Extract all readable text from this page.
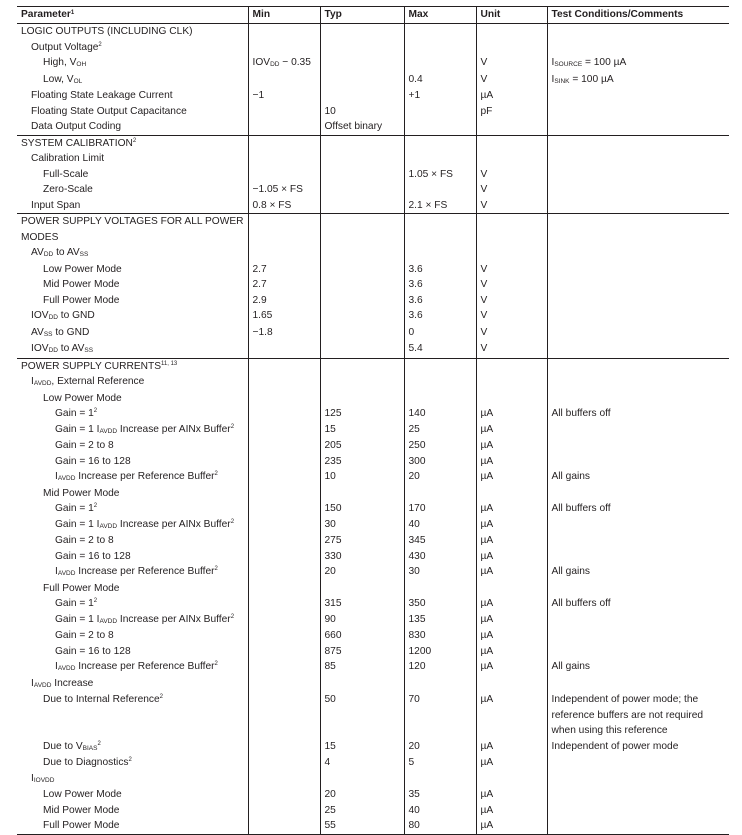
Parameter$^1$	Min	Typ	Max	Unit	Test Conditions/Comments
LOGIC OUTPUTS (INCLUDING CLK)					
Output Voltage$^2$					
High, $V_{OH}$	$IOV_{DD} - 0.35$			V	$I_{SOURCE} = 100$ µA
Low, $V_{OL}$			0.4	V	$I_{SINK} = 100$ µA
Floating State Leakage Current	−1		+1	µA	
Floating State Output Capacitance		10		pF	
Data Output Coding		Offset binary			
SYSTEM CALIBRATION$^2$					
Calibration Limit					
Full-Scale			1.05 × FS	V	
Zero-Scale	−1.05 × FS			V	
Input Span	0.8 × FS		2.1 × FS	V	
POWER SUPPLY VOLTAGES FOR ALL POWER MODES					
$AV_{DD}$ to $AV_{SS}$					
Low Power Mode	2.7		3.6	V	
Mid Power Mode	2.7		3.6	V	
Full Power Mode	2.9		3.6	V	
$IOV_{DD}$ to GND	1.65		3.6	V	
$AV_{SS}$ to GND	−1.8		0	V	
$IOV_{DD}$ to $AV_{SS}$			5.4	V	
POWER SUPPLY CURRENTS$^{11, 13}$					
$I_{AVDD}$, External Reference					
Low Power Mode					
Gain = $1^2$		125	140	µA	All buffers off
Gain = 1 $I_{AVDD}$ Increase per AINx Buffer$^2$		15	25	µA	
Gain = 2 to 8		205	250	µA	
Gain = 16 to 128		235	300	µA	
$I_{AVDD}$ Increase per Reference Buffer$^2$		10	20	µA	All gains
Mid Power Mode					
Gain = $1^2$		150	170	µA	All buffers off
Gain = 1 $I_{AVDD}$ Increase per AINx Buffer$^2$		30	40	µA	
Gain = 2 to 8		275	345	µA	
Gain = 16 to 128		330	430	µA	
$I_{AVDD}$ Increase per Reference Buffer$^2$		20	30	µA	All gains
Full Power Mode					
Gain = $1^2$		315	350	µA	All buffers off
Gain = 1 $I_{AVDD}$ Increase per AINx Buffer$^2$		90	135	µA	
Gain = 2 to 8		660	830	µA	
Gain = 16 to 128		875	1200	µA	
$I_{AVDD}$ Increase per Reference Buffer$^2$		85	120	µA	All gains
$I_{AVDD}$ Increase					
Due to Internal Reference$^2$		50	70	µA	Independent of power mode; the reference buffers are not required when using this reference
Due to $V_{BIAS}^2$		15	20	µA	Independent of power mode
Due to Diagnostics$^2$		4	5	µA	
$I_{IOVDD}$					
Low Power Mode		20	35	µA	
Mid Power Mode		25	40	µA	
Full Power Mode		55	80	µA	
